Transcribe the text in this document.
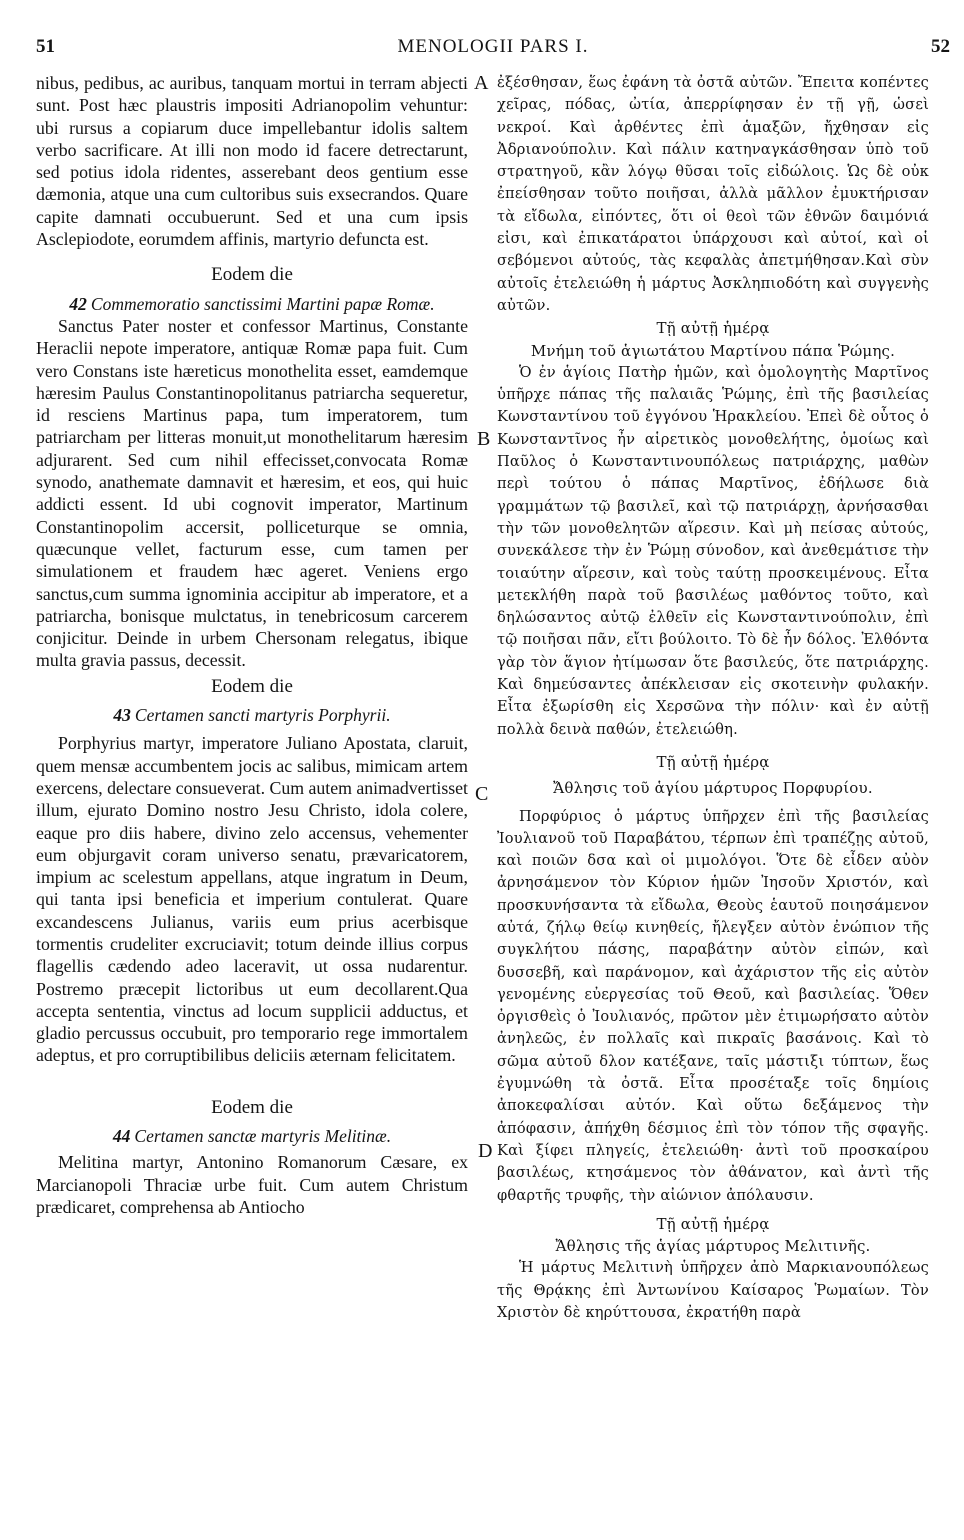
51	MENOLOGII PARS I.	52
A
B
C
D

nibus, pedibus, ac auribus, tanquam mortui in terram abjecti sunt. Post hæc plaustris impositi Adrianopolim vehuntur: ubi rursus a copiarum duce impellebantur idolis saltem verbo sacrificare. At illi non modo id facere detrectarunt, sed potius idola ridentes, asserebant deos gentium esse dæmonia, atque una cum cultoribus suis exsecrandos. Quare capite damnati occubuerunt. Sed et una cum ipsis Asclepiodote, eorumdem affinis, martyrio defuncta est.

Eodem die

42 Commemoratio sanctissimi Martini papæ Romæ.

Sanctus Pater noster et confessor Martinus, Constante Heraclii nepote imperatore, antiquæ Romæ papa fuit. Cum vero Constans iste hæreticus monothelita esset, eamdemque hæresim Paulus Constantinopolitanus patriarcha sequeretur, id resciens Martinus papa, tum imperatorem, tum patriarcham per litteras monuit,ut monothelitarum hæresim adjurarent. Sed cum nihil effecisset,convocata Romæ synodo, anathemate damnavit et hæresim, et eos, qui huic addicti essent. Id ubi cognovit imperator, Martinum Constantinopolim accersit, polliceturque se omnia, quæcunque vellet, facturum esse, cum tamen per simulationem et fraudem hæc ageret. Veniens ergo sanctus,cum summa ignominia accipitur ab imperatore, et a patriarcha, bonisque mulctatus, in tenebricosum carcerem conjicitur. Deinde in urbem Chersonam relegatus, ibique multa gravia passus, decessit.

Eodem die

43 Certamen sancti martyris Porphyrii.

Porphyrius martyr, imperatore Juliano Apostata, claruit, quem mensæ accumbentem jocis ac salibus, mimicam artem exercens, delectare consueverat. Cum autem animadvertisset illum, ejurato Domino nostro Jesu Christo, idola colere, eaque pro diis habere, divino zelo accensus, vehementer eum objurgavit coram universo senatu, prævaricatorem, impium ac scelestum appellans, atque ingratum in Deum, qui tanta ipsi beneficia et imperium contulerat. Quare excandescens Julianus, variis eum prius acerbisque tormentis crudeliter excruciavit; totum deinde illius corpus flagellis cædendo adeo laceravit, ut ossa nudarentur. Postremo præcepit lictoribus ut eum decollarent.Qua accepta sententia, vinctus ad locum supplicii adductus, et gladio percussus occubuit, pro temporario rege immortalem adeptus, et pro corruptibilibus deliciis æternam felicitatem.

Eodem die

44 Certamen sanctæ martyris Melitinæ.

Melitina martyr, Antonino Romanorum Cæsare, ex Marcianopoli Thraciæ urbe fuit. Cum autem Christum prædicaret, comprehensa ab Antiocho

ἐξέσθησαν, ἕως ἐφάνη τὰ ὀστᾶ αὐτῶν. Ἔπειτα κοπέντες χεῖρας, πόδας, ὠτία, ἀπερρίφησαν ἐν τῇ γῇ, ὡσεὶ νεκροί. Καὶ ἀρθέντες ἐπὶ ἁμαξῶν, ἤχθησαν εἰς Ἀδριανούπολιν. Καὶ πάλιν κατηναγκάσθησαν ὑπὸ τοῦ στρατηγοῦ, κἂν λόγῳ θῦσαι τοῖς εἰδώλοις. Ὡς δὲ οὐκ ἐπείσθησαν τοῦτο ποιῆσαι, ἀλλὰ μᾶλλον ἐμυκτήρισαν τὰ εἴδωλα, εἰπόντες, ὅτι οἱ θεοὶ τῶν ἐθνῶν δαιμόνιά εἰσι, καὶ ἐπικατάρατοι ὑπάρχουσι καὶ αὐτοί, καὶ οἱ σεβόμενοι αὐτούς, τὰς κεφαλὰς ἀπετμήθησαν.Καὶ σὺν αὐτοῖς ἐτελειώθη ἡ μάρτυς Ἀσκληπιοδότη καὶ συγγενὴς αὐτῶν.

Τῇ αὐτῇ ἡμέρᾳ

Μνήμη τοῦ ἁγιωτάτου Μαρτίνου πάπα Ῥώμης.

Ὁ ἐν ἁγίοις Πατὴρ ἡμῶν, καὶ ὁμολογητὴς Μαρτῖνος ὑπῆρχε πάπας τῆς παλαιᾶς Ῥώμης, ἐπὶ τῆς βασιλείας Κωνσταντίνου τοῦ ἐγγόνου Ἡρακλείου. Ἐπεὶ δὲ οὗτος ὁ Κωνσταντῖνος ἦν αἱρετικὸς μονοθελήτης, ὁμοίως καὶ Παῦλος ὁ Κωνσταντινουπόλεως πατριάρχης, μαθὼν περὶ τούτου ὁ πάπας Μαρτῖνος, ἐδήλωσε διὰ γραμμάτων τῷ βασιλεῖ, καὶ τῷ πατριάρχῃ, ἀρνήσασθαι τὴν τῶν μονοθελητῶν αἵρεσιν. Καὶ μὴ πείσας αὐτούς, συνεκάλεσε τὴν ἐν Ῥώμῃ σύνοδον, καὶ ἀνεθεμάτισε τὴν τοιαύτην αἵρεσιν, καὶ τοὺς ταύτῃ προσκειμένους. Εἶτα μετεκλήθη παρὰ τοῦ βασιλέως μαθόντος τοῦτο, καὶ δηλώσαντος αὐτῷ ἐλθεῖν εἰς Κωνσταντινούπολιν, ἐπὶ τῷ ποιῆσαι πᾶν, εἴτι βούλοιτο. Τὸ δὲ ἦν δόλος. Ἐλθόντα γὰρ τὸν ἅγιον ἠτίμωσαν ὅτε βασιλεύς, ὅτε πατριάρχης. Καὶ δημεύσαντες ἀπέκλεισαν εἰς σκοτεινὴν φυλακήν. Εἶτα ἐξωρίσθη εἰς Χερσῶνα τὴν πόλιν· καὶ ἐν αὐτῇ πολλὰ δεινὰ παθών, ἐτελειώθη.

Τῇ αὐτῇ ἡμέρᾳ

Ἄθλησις τοῦ ἁγίου μάρτυρος Πορφυρίου.

Πορφύριος ὁ μάρτυς ὑπῆρχεν ἐπὶ τῆς βασιλείας Ἰουλιανοῦ τοῦ Παραβάτου, τέρπων ἐπὶ τραπέζῃς αὐτοῦ, καὶ ποιῶν δσα καὶ οἱ μιμολόγοι. Ὅτε δὲ εἶδεν αὐὸν ἀρνησάμενον τὸν Κύριον ἡμῶν Ἰησοῦν Χριστόν, καὶ προσκυνήσαντα τὰ εἴδωλα, Θεοὺς ἑαυτοῦ ποιησάμενον αὐτά, ζήλῳ θείῳ κινηθείς, ἤλεγξεν αὐτὸν ἐνώπιον τῆς συγκλήτου πάσης, παραβάτην αὐτὸν εἰπών, καὶ δυσσεβῆ, καὶ παράνομον, καὶ ἀχάριστον τῆς εἰς αὐτὸν γενομένης εὐεργεσίας τοῦ Θεοῦ, καὶ βασιλείας. Ὅθεν ὀργισθεὶς ὁ Ἰουλιανός, πρῶτον μὲν ἐτιμωρήσατο αὐτὸν ἀνηλεῶς, ἐν πολλαῖς καὶ πικραῖς βασάνοις. Καὶ τὸ σῶμα αὐτοῦ δλον κατέξανε, ταῖς μάστιξι τύπτων, ἕως ἐγυμνώθη τὰ ὀστᾶ. Εἶτα προσέταξε τοῖς δημίοις ἀποκεφαλίσαι αὐτόν. Καὶ οὕτω δεξάμενος τὴν ἀπόφασιν, ἀπήχθη δέσμιος ἐπὶ τὸν τόπον τῆς σφαγῆς. Καὶ ξίφει πληγείς, ἐτελειώθη· ἀντὶ τοῦ προσκαίρου βασιλέως, κτησάμενος τὸν ἀθάνατον, καὶ ἀντὶ τῆς φθαρτῆς τρυφῆς, τὴν αἰώνιον ἀπόλαυσιν.

Τῇ αὐτῇ ἡμέρᾳ

Ἄθλησις τῆς ἁγίας μάρτυρος Μελιτινῆς.

Ἡ μάρτυς Μελιτινὴ ὑπῆρχεν ἀπὸ Μαρκιανουπόλεως τῆς Θρᾴκης ἐπὶ Ἀντωνίνου Καίσαρος Ῥωμαίων. Τὸν Χριστὸν δὲ κηρύττουσα, ἐκρατήθη παρὰ
